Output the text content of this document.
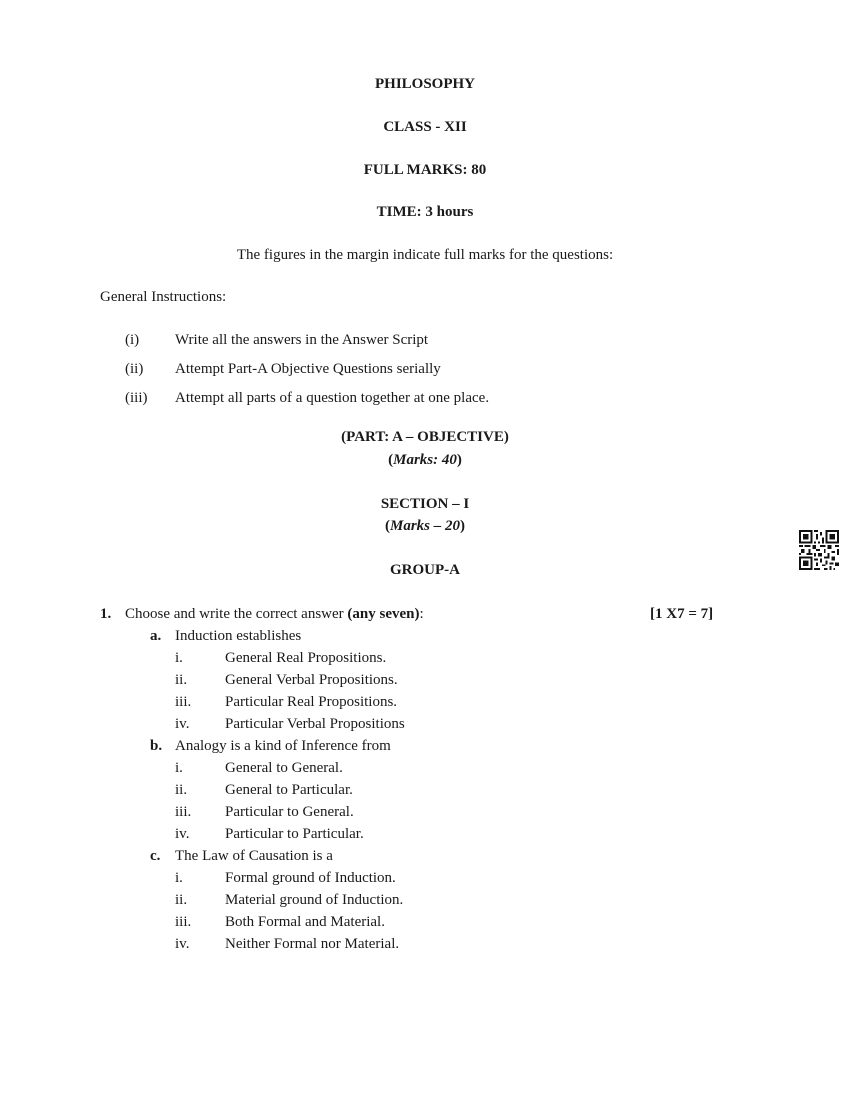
PHILOSOPHY
CLASS - XII
FULL MARKS: 80
TIME: 3 hours
The figures in the margin indicate full marks for the questions:
General Instructions:
(i) Write all the answers in the Answer Script
(ii) Attempt Part-A Objective Questions serially
(iii) Attempt all parts of a question together at one place.
(PART: A – OBJECTIVE)
(Marks: 40)
SECTION – I
(Marks – 20)
GROUP-A
1. Choose and write the correct answer (any seven):	[1 X7 = 7]
a. Induction establishes
i.	General Real Propositions.
ii.	General Verbal Propositions.
iii. Particular Real Propositions.
iv. Particular Verbal Propositions
b. Analogy is a kind of Inference from
i.	General to General.
ii.	General to Particular.
iii. Particular to General.
iv. Particular to Particular.
c. The Law of Causation is a
i.	Formal ground of Induction.
ii.	Material ground of Induction.
iii. Both Formal and Material.
iv. Neither Formal nor Material.
